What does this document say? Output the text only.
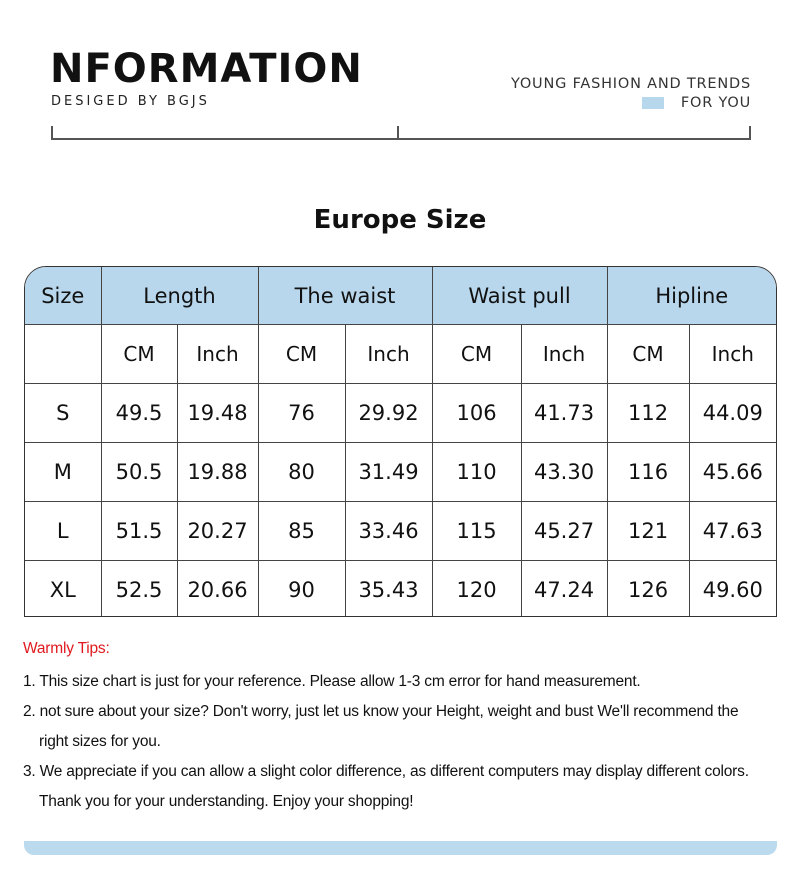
NFORMATION
DESIGED BY BGJS
YOUNG FASHION AND TRENDS
FOR YOU
Europe Size
Size	Length		The waist		Waist pull		Hipline	
	CM	Inch	CM	Inch	CM	Inch	CM	Inch
S	49.5	19.48	76	29.92	106	41.73	112	44.09
M	50.5	19.88	80	31.49	110	43.30	116	45.66
L	51.5	20.27	85	33.46	115	45.27	121	47.63
XL	52.5	20.66	90	35.43	120	47.24	126	49.60
Warmly Tips:
1. This size chart is just for your reference. Please allow 1-3 cm error for hand measurement.
2. not sure about your size? Don't worry, just let us know your Height, weight and bust We'll recommend the
right sizes for you.
3. We appreciate if you can allow a slight color difference, as different computers may display different colors.
Thank you for your understanding. Enjoy your shopping!
